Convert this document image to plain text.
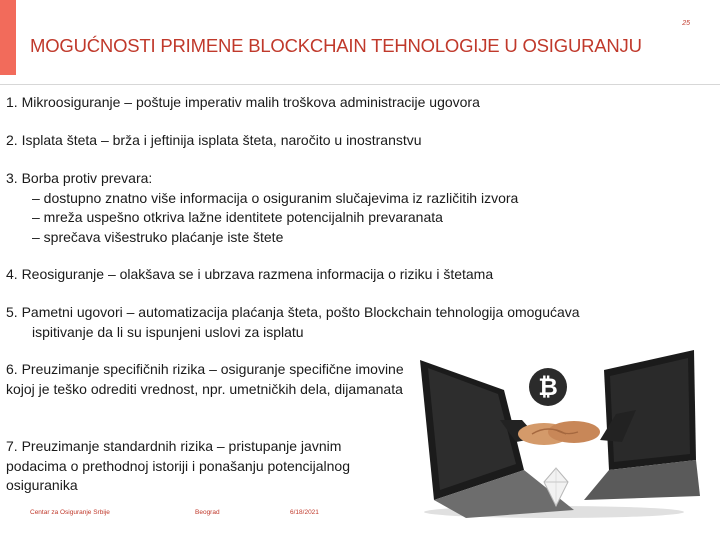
25
MOGUĆNOSTI PRIMENE BLOCKCHAIN TEHNOLOGIJE U OSIGURANJU
1. Mikroosiguranje – poštuje imperativ malih troškova administracije ugovora
2. Isplata šteta – brža i jeftinija isplata šteta, naročito u inostranstvu
3. Borba protiv prevara:
– dostupno znatno više informacija o osiguranim slučajevima iz različitih izvora
– mreža uspešno otkriva lažne identitete potencijalnih prevaranata
– sprečava višestruko plaćanje iste štete
4. Reosiguranje – olakšava se i ubrzava razmena informacija o riziku i štetama
5. Pametni ugovori – automatizacija plaćanja šteta, pošto Blockchain tehnologija omogućava
ispitivanje da li su ispunjeni uslovi za isplatu
6. Preuzimanje specifičnih rizika – osiguranje specifične imovine kojoj je teško odrediti vrednost, npr. umetničkih dela, dijamanata
7. Preuzimanje standardnih rizika – pristupanje javnim podacima o prethodnoj istoriji i ponašanju potencijalnog osiguranika
Centar za Osiguranje Srbije	Beograd	6/18/2021
₿
